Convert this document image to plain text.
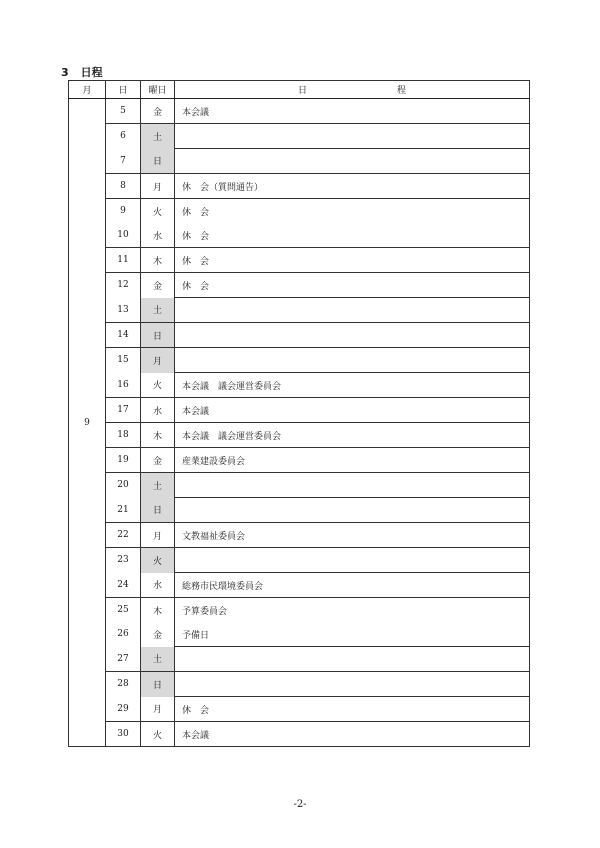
3 日程
月	日	曜日	日 程
9	5	金	本会議
	6	土	
	7	日	
	8	月	休　会（質問通告）
	9	火	休　会
	10	水	休　会
	11	木	休　会
	12	金	休　会
	13	土	
	14	日	
	15	月	
	16	火	本会議　議会運営委員会
	17	水	本会議
	18	木	本会議　議会運営委員会
	19	金	産業建設委員会
	20	土	
	21	日	
	22	月	文教福祉委員会
	23	火	
	24	水	総務市民環境委員会
	25	木	予算委員会
	26	金	予備日
	27	土	
	28	日	
	29	月	休　会
	30	火	本会議
-2-
